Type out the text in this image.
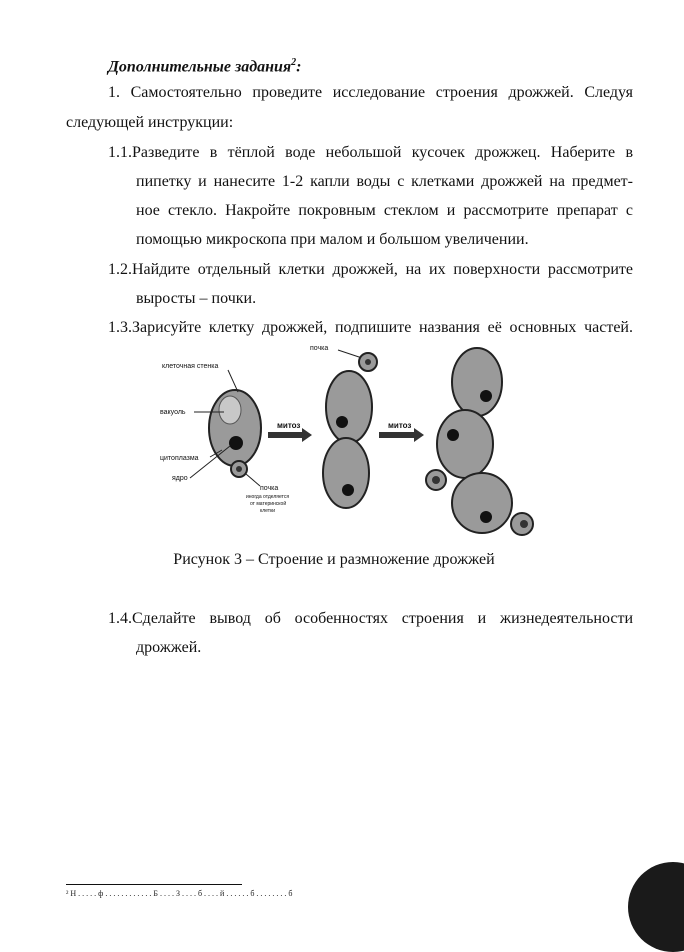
Дополнительные задания$^2$:
1. Самостоятельно проведите исследование строения дрожжей. Следуя
следующей инструкции:
1.1.Разведите в тёплой воде небольшой кусочек дрожжец. Наберите в
пипетку и нанесите 1-2 капли воды с клетками дрожжей на предмет-
ное стекло. Накройте покровным стеклом и рассмотрите препарат с
помощью микроскопа при малом и большом увеличении.
1.2.Найдите отдельный клетки дрожжей, на их поверхности рассмотрите
выросты – почки.
1.3.Зарисуйте клетку дрожжей, подпишите названия её основных частей.
клеточная стенка
вакуоль
цитоплазма
ядро
почка
иногда отделяется
от материнской
клетки
митоз
почка
митоз
Рисунок 3 – Строение и размножение дрожжей
1.4.Сделайте вывод об особенностях строения и жизнедеятельности
дрожжей.
² Н . . . . . ф . . . . . . . . . . . . Б . . . . З . . . . б . . . . й . . . . . . б . . . . . . . . б
